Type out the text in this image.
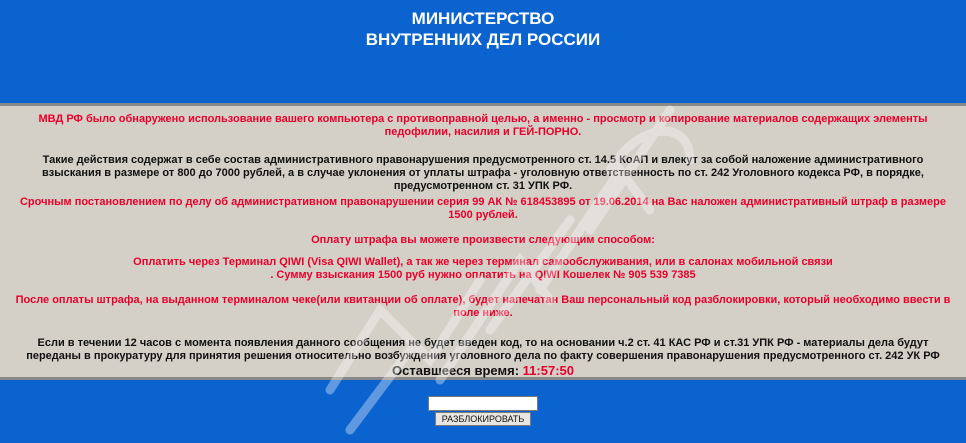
МИНИСТЕРСТВО
ВНУТРЕННИХ ДЕЛ РОССИИ

МВД РФ было обнаружено использование вашего компьютера с противоправной целью, а именно - просмотр и копирование материалов содержащих элементы педофилии, насилия и ГЕЙ-ПОРНО.

Такие действия содержат в себе состав административного правонарушения предусмотренного ст. 14.5 КоАП и влекут за собой наложение административного взыскания в размере от 800 до 7000 рублей, а в случае уклонения от уплаты штрафа - уголовную ответственность по ст. 242 Уголовного кодекса РФ, в порядке, предусмотренном ст. 31 УПК РФ.

Срочным постановлением по делу об административном правонарушении серия 99 АК № 618453895 от 19.06.2014 на Вас наложен административный штраф в размере 1500 рублей.

Оплату штрафа вы можете произвести следующим способом:

Оплатить через Терминал QIWI (Visa QIWI Wallet), а так же через терминал самообслуживания, или в салонах мобильной связи
. Сумму взыскания 1500 руб нужно оплатить на QIWI Кошелек № 905 539 7385

После оплаты штрафа, на выданном терминалом чеке(или квитанции об оплате), будет напечатан Ваш персональный код разблокировки, который необходимо ввести в поле ниже.

Если в течении 12 часов с момента появления данного сообщения не будет введен код, то на основании ч.2 ст. 41 КАС РФ и ст.31 УПК РФ - материалы дела будут переданы в прокуратуру для принятия решения относительно возбуждения уголовного дела по факту совершения правонарушения предусмотренного ст. 242 УК РФ

Оставшееся время: 11:57:50
РАЗБЛОКИРОВАТЬ
